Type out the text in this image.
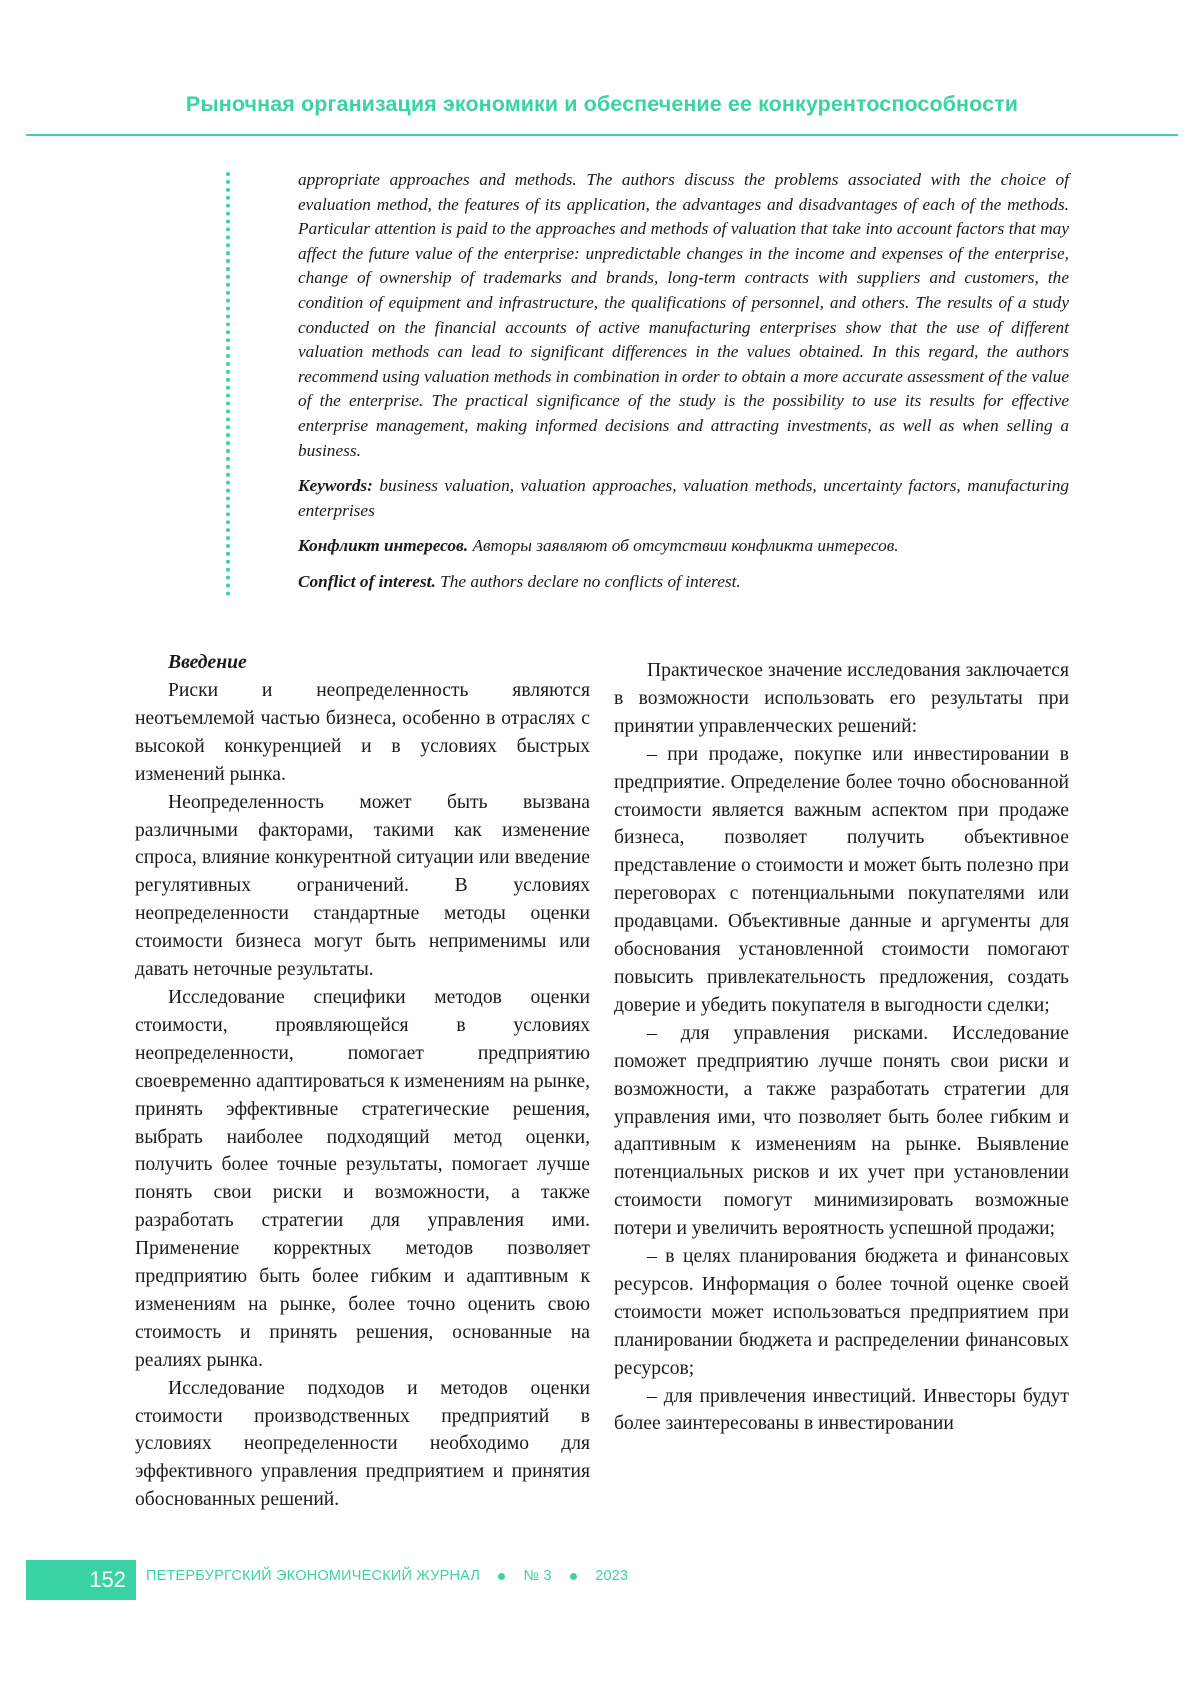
Рыночная организация экономики и обеспечение ее конкурентоспособности

appropriate approaches and methods. The authors discuss the problems associated with the choice of evaluation method, the features of its application, the advantages and disadvantages of each of the methods. Particular attention is paid to the approaches and methods of valuation that take into account factors that may affect the future value of the enterprise: unpredictable changes in the income and expenses of the enterprise, change of ownership of trademarks and brands, long-term contracts with suppliers and customers, the condition of equipment and infrastructure, the qualifications of personnel, and others. The results of a study conducted on the financial accounts of active manufacturing enterprises show that the use of different valuation methods can lead to significant differences in the values obtained. In this regard, the authors recommend using valuation methods in combination in order to obtain a more accurate assessment of the value of the enterprise. The practical significance of the study is the possibility to use its results for effective enterprise management, making informed decisions and attracting investments, as well as when selling a business.

Keywords: business valuation, valuation approaches, valuation methods, uncertainty factors, manufacturing enterprises

Конфликт интересов. Авторы заявляют об отсутствии конфликта интересов.

Conflict of interest. The authors declare no conflicts of interest.

Введение

Риски и неопределенность являются неотъемлемой частью бизнеса, особенно в отраслях с высокой конкуренцией и в условиях быстрых изменений рынка.

Неопределенность может быть вызвана различными факторами, такими как изменение спроса, влияние конкурентной ситуации или введение регулятивных ограничений. В условиях неопределенности стандартные методы оценки стоимости бизнеса могут быть неприменимы или давать неточные результаты.

Исследование специфики методов оценки стоимости, проявляющейся в условиях неопределенности, помогает предприятию своевременно адаптироваться к изменениям на рынке, принять эффективные стратегические решения, выбрать наиболее подходящий метод оценки, получить более точные результаты, помогает лучше понять свои риски и возможности, а также разработать стратегии для управления ими. Применение корректных методов позволяет предприятию быть более гибким и адаптивным к изменениям на рынке, более точно оценить свою стоимость и принять решения, основанные на реалиях рынка.

Исследование подходов и методов оценки стоимости производственных предприятий в условиях неопределенности необходимо для эффективного управления предприятием и принятия обоснованных решений.

Практическое значение исследования заключается в возможности использовать его результаты при принятии управленческих решений:

– при продаже, покупке или инвестировании в предприятие. Определение более точно обоснованной стоимости является важным аспектом при продаже бизнеса, позволяет получить объективное представление о стоимости и может быть полезно при переговорах с потенциальными покупателями или продавцами. Объективные данные и аргументы для обоснования установленной стоимости помогают повысить привлекательность предложения, создать доверие и убедить покупателя в выгодности сделки;

– для управления рисками. Исследование поможет предприятию лучше понять свои риски и возможности, а также разработать стратегии для управления ими, что позволяет быть более гибким и адаптивным к изменениям на рынке. Выявление потенциальных рисков и их учет при установлении стоимости помогут минимизировать возможные потери и увеличить вероятность успешной продажи;

– в целях планирования бюджета и финансовых ресурсов. Информация о более точной оценке своей стоимости может использоваться предприятием при планировании бюджета и распределении финансовых ресурсов;

– для привлечения инвестиций. Инвесторы будут более заинтересованы в инвестировании

152	ПЕТЕРБУРГСКИЙ ЭКОНОМИЧЕСКИЙ ЖУРНАЛ	№ 3	2023
